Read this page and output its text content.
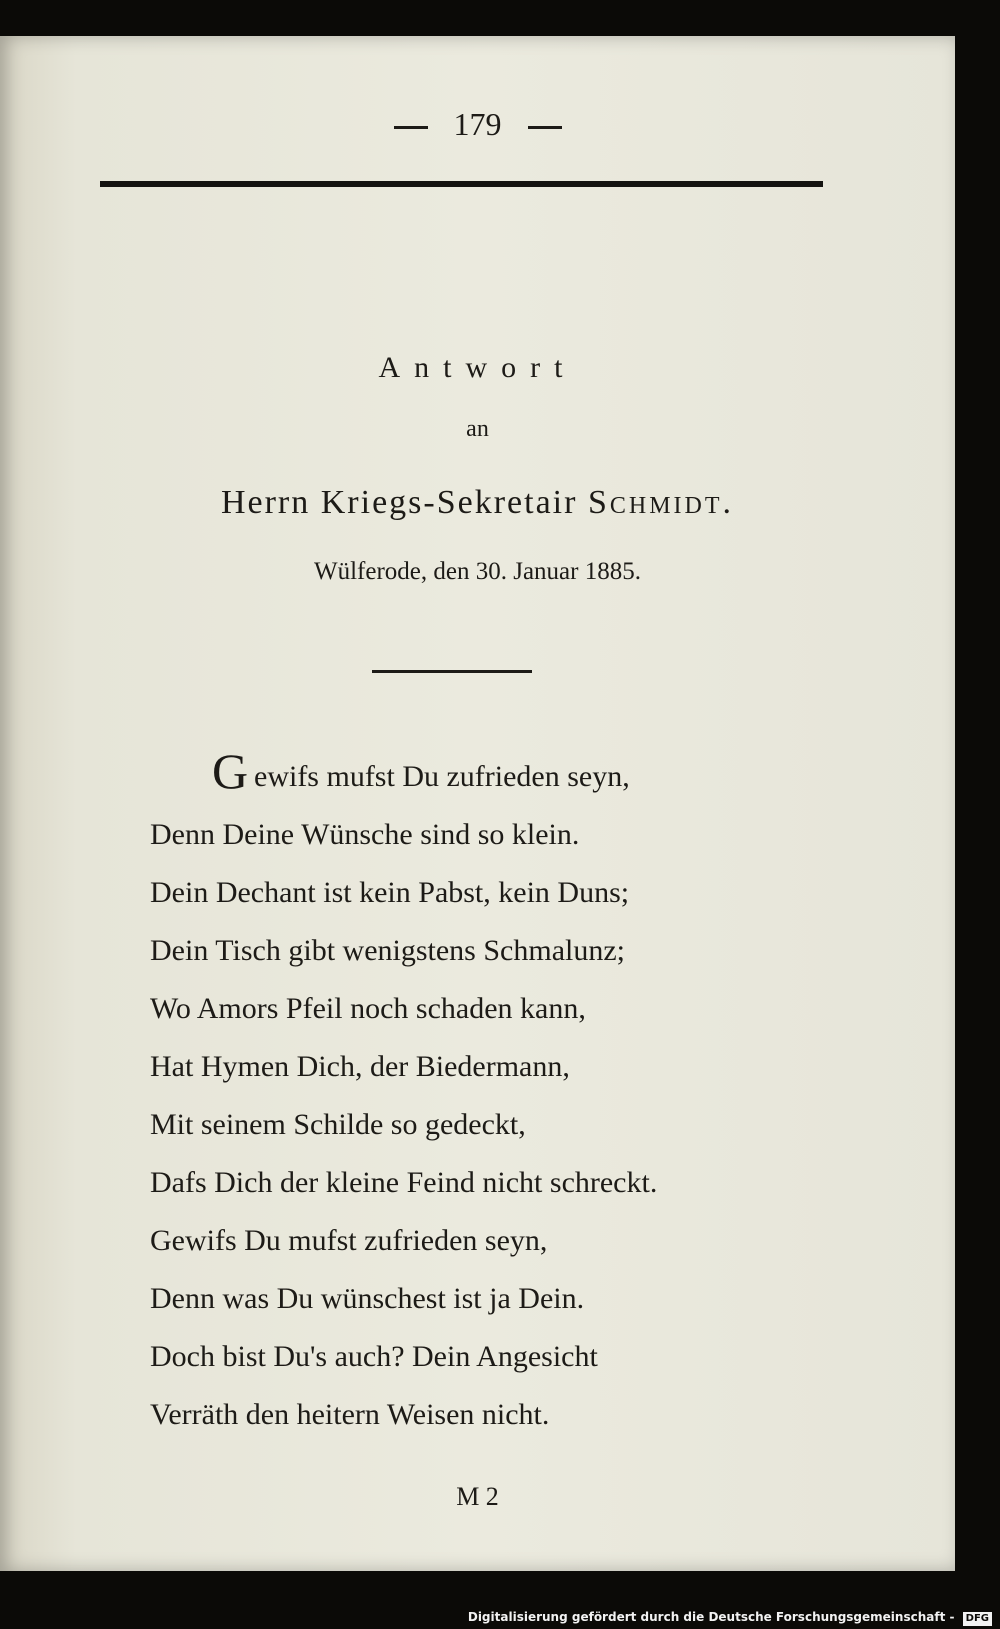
179
Antwort
an
Herrn Kriegs-Sekretair Schmidt.
Wülferode, den 30. Januar 1885.
G ewifs mufst Du zufrieden seyn,
Denn Deine Wünsche sind so klein.
Dein Dechant ist kein Pabst, kein Duns;
Dein Tisch gibt wenigstens Schmalunz;
Wo Amors Pfeil noch schaden kann,
Hat Hymen Dich, der Biedermann,
Mit seinem Schilde so gedeckt,
Dafs Dich der kleine Feind nicht schreckt.
Gewifs Du mufst zufrieden seyn,
Denn was Du wünschest ist ja Dein.
Doch bist Du's auch? Dein Angesicht
Verräth den heitern Weisen nicht.
M 2
Digitalisierung gefördert durch die Deutsche Forschungsgemeinschaft - DFG
